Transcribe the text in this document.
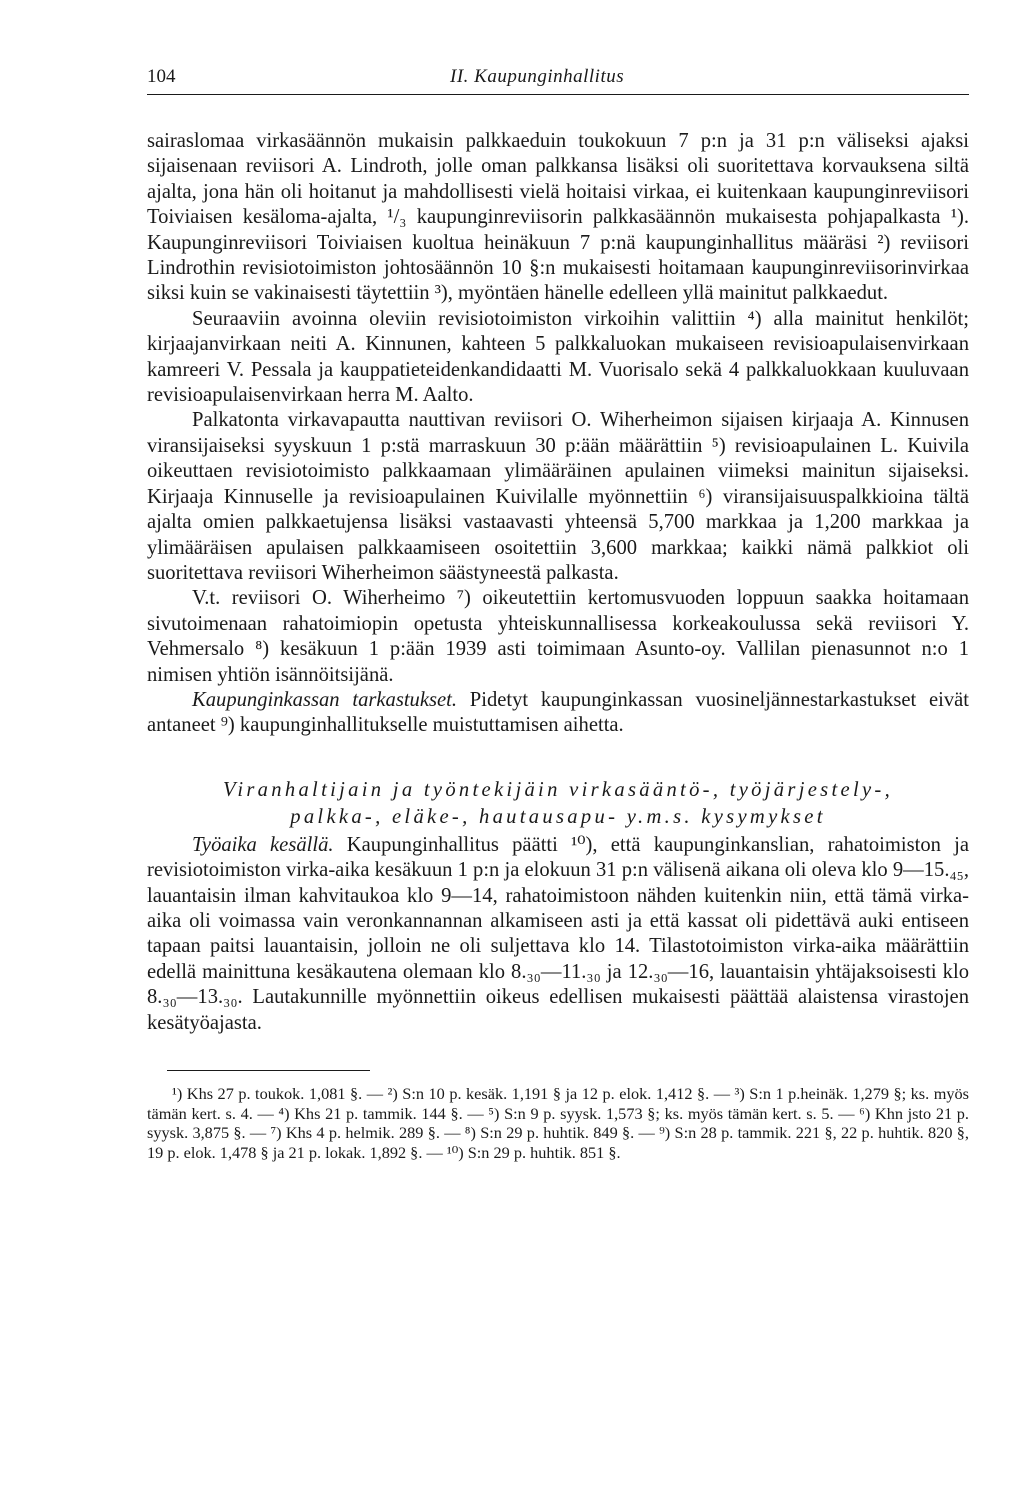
104	II. Kaupunginhallitus

sairaslomaa virkasäännön mukaisin palkkaeduin toukokuun 7 p:n ja 31 p:n väliseksi ajaksi sijaisenaan reviisori A. Lindroth, jolle oman palkkansa lisäksi oli suoritettava korvauksena siltä ajalta, jona hän oli hoitanut ja mahdollisesti vielä hoitaisi virkaa, ei kuitenkaan kaupunginreviisori Toiviaisen kesäloma-ajalta, ¹/₃ kaupunginreviisorin palkkasäännön mukaisesta pohjapalkasta ¹). Kaupunginreviisori Toiviaisen kuoltua heinäkuun 7 p:nä kaupunginhallitus määräsi ²) reviisori Lindrothin revisiotoimiston johtosäännön 10 §:n mukaisesti hoitamaan kaupunginreviisorinvirkaa siksi kuin se vakinaisesti täytettiin ³), myöntäen hänelle edelleen yllä mainitut palkkaedut.

Seuraaviin avoinna oleviin revisiotoimiston virkoihin valittiin ⁴) alla mainitut henkilöt; kirjaajanvirkaan neiti A. Kinnunen, kahteen 5 palkkaluokan mukaiseen revisioapulaisenvirkaan kamreeri V. Pessala ja kauppatieteidenkandidaatti M. Vuorisalo sekä 4 palkkaluokkaan kuuluvaan revisioapulaisenvirkaan herra M. Aalto.

Palkatonta virkavapautta nauttivan reviisori O. Wiherheimon sijaisen kirjaaja A. Kinnusen viransijaiseksi syyskuun 1 p:stä marraskuun 30 p:ään määrättiin ⁵) revisioapulainen L. Kuivila oikeuttaen revisiotoimisto palkkaamaan ylimääräinen apulainen viimeksi mainitun sijaiseksi. Kirjaaja Kinnuselle ja revisioapulainen Kuivilalle myönnettiin ⁶) viransijaisuuspalkkioina tältä ajalta omien palkkaetujensa lisäksi vastaavasti yhteensä 5,700 markkaa ja 1,200 markkaa ja ylimääräisen apulaisen palkkaamiseen osoitettiin 3,600 markkaa; kaikki nämä palkkiot oli suoritettava reviisori Wiherheimon säästyneestä palkasta.

V.t. reviisori O. Wiherheimo ⁷) oikeutettiin kertomusvuoden loppuun saakka hoitamaan sivutoimenaan rahatoimiopin opetusta yhteiskunnallisessa korkeakoulussa sekä reviisori Y. Vehmersalo ⁸) kesäkuun 1 p:ään 1939 asti toimimaan Asunto-oy. Vallilan pienasunnot n:o 1 nimisen yhtiön isännöitsijänä.

Kaupunginkassan tarkastukset. Pidetyt kaupunginkassan vuosineljännestarkastukset eivät antaneet ⁹) kaupunginhallitukselle muistuttamisen aihetta.

Viranhaltijain ja työntekijäin virkasääntö-, työjärjestely-,
palkka-, eläke-, hautausapu- y.m.s. kysymykset

Työaika kesällä. Kaupunginhallitus päätti ¹⁰), että kaupunginkanslian, rahatoimiston ja revisiotoimiston virka-aika kesäkuun 1 p:n ja elokuun 31 p:n välisenä aikana oli oleva klo 9—15.₄₅, lauantaisin ilman kahvitaukoa klo 9—14, rahatoimistoon nähden kuitenkin niin, että tämä virka-aika oli voimassa vain veronkannannan alkamiseen asti ja että kassat oli pidettävä auki entiseen tapaan paitsi lauantaisin, jolloin ne oli suljettava klo 14. Tilastotoimiston virka-aika määrättiin edellä mainittuna kesäkautena olemaan klo 8.₃₀—11.₃₀ ja 12.₃₀—16, lauantaisin yhtäjaksoisesti klo 8.₃₀—13.₃₀. Lautakunnille myönnettiin oikeus edellisen mukaisesti päättää alaistensa virastojen kesätyöajasta.

¹) Khs 27 p. toukok. 1,081 §. — ²) S:n 10 p. kesäk. 1,191 § ja 12 p. elok. 1,412 §. — ³) S:n 1 p.heinäk. 1,279 §; ks. myös tämän kert. s. 4. — ⁴) Khs 21 p. tammik. 144 §. — ⁵) S:n 9 p. syysk. 1,573 §; ks. myös tämän kert. s. 5. — ⁶) Khn jsto 21 p. syysk. 3,875 §. — ⁷) Khs 4 p. helmik. 289 §. — ⁸) S:n 29 p. huhtik. 849 §. — ⁹) S:n 28 p. tammik. 221 §, 22 p. huhtik. 820 §, 19 p. elok. 1,478 § ja 21 p. lokak. 1,892 §. — ¹⁰) S:n 29 p. huhtik. 851 §.
